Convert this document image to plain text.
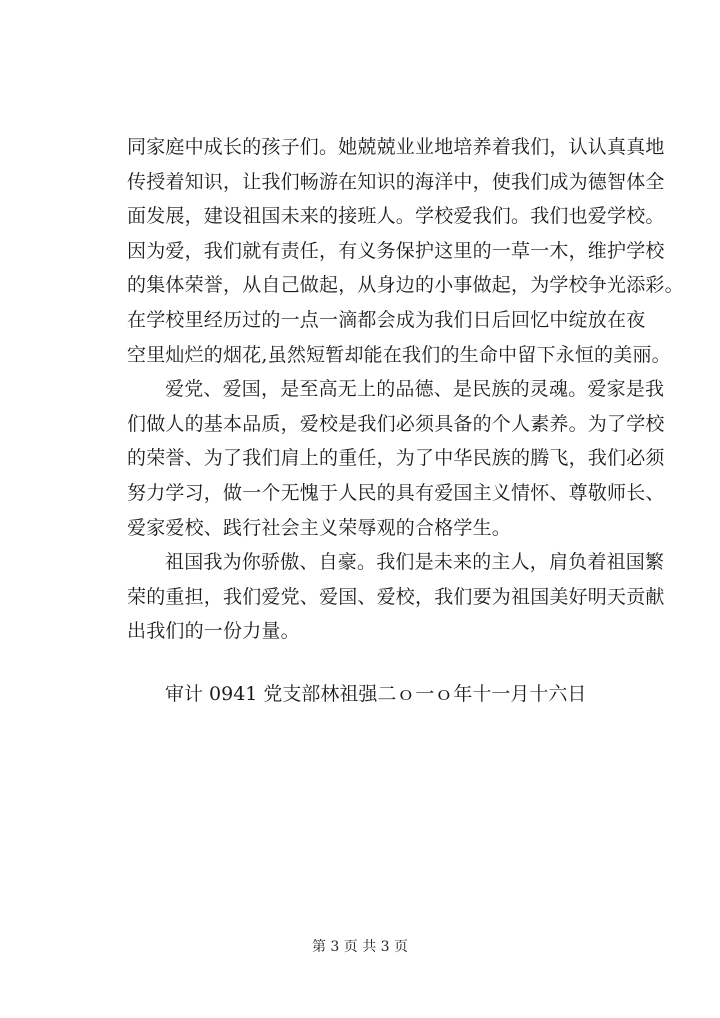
同家庭中成长的孩子们。她兢兢业业地培养着我们，认认真真地
传授着知识，让我们畅游在知识的海洋中，使我们成为德智体全
面发展，建设祖国未来的接班人。学校爱我们。我们也爱学校。
因为爱，我们就有责任，有义务保护这里的一草一木，维护学校
的集体荣誉，从自己做起，从身边的小事做起，为学校争光添彩。
在学校里经历过的一点一滴都会成为我们日后回忆中绽放在夜
空里灿烂的烟花,虽然短暂却能在我们的生命中留下永恒的美丽。
爱党、爱国，是至高无上的品德、是民族的灵魂。爱家是我
们做人的基本品质，爱校是我们必须具备的个人素养。为了学校
的荣誉、为了我们肩上的重任，为了中华民族的腾飞，我们必须
努力学习，做一个无愧于人民的具有爱国主义情怀、尊敬师长、
爱家爱校、践行社会主义荣辱观的合格学生。
祖国我为你骄傲、自豪。我们是未来的主人，肩负着祖国繁
荣的重担，我们爱党、爱国、爱校，我们要为祖国美好明天贡献
出我们的一份力量。
审计 0941 党支部林祖强二ｏ一ｏ年十一月十六日
第 3 页 共 3 页
